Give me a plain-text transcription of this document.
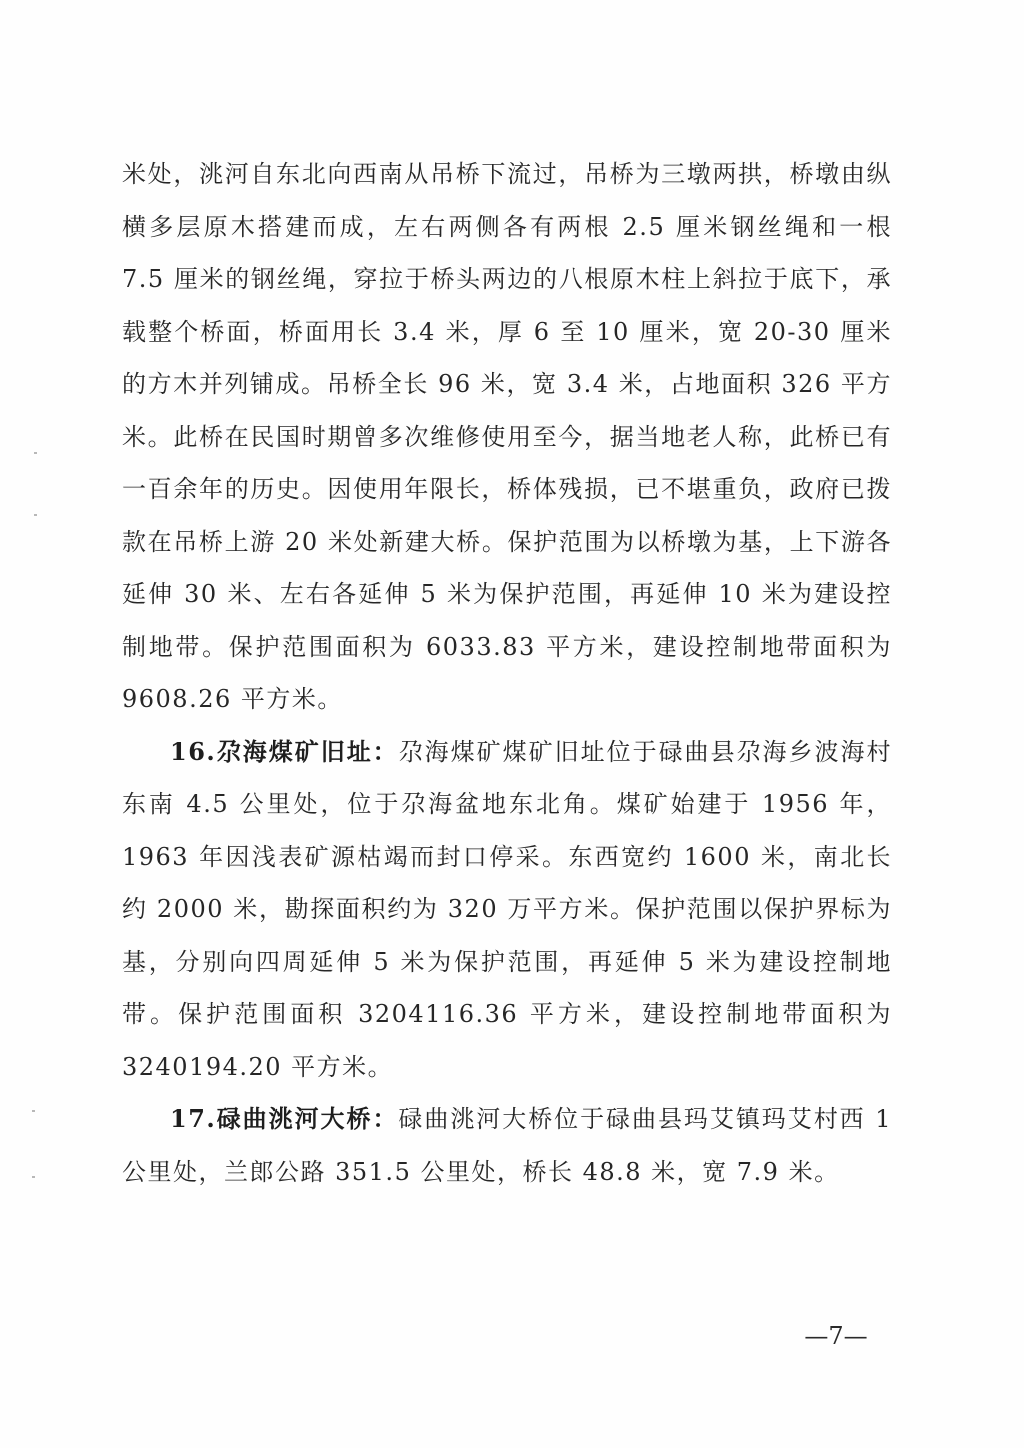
米处，洮河自东北向西南从吊桥下流过，吊桥为三墩两拱，桥墩由纵横多层原木搭建而成，左右两侧各有两根 2.5 厘米钢丝绳和一根 7.5 厘米的钢丝绳，穿拉于桥头两边的八根原木柱上斜拉于底下，承载整个桥面，桥面用长 3.4 米，厚 6 至 10 厘米，宽 20-30 厘米的方木并列铺成。吊桥全长 96 米，宽 3.4 米，占地面积 326 平方米。此桥在民国时期曾多次维修使用至今，据当地老人称，此桥已有一百余年的历史。因使用年限长，桥体残损，已不堪重负，政府已拨款在吊桥上游 20 米处新建大桥。保护范围为以桥墩为基，上下游各延伸 30 米、左右各延伸 5 米为保护范围，再延伸 10 米为建设控制地带。保护范围面积为 6033.83 平方米，建设控制地带面积为 9608.26 平方米。

16.尕海煤矿旧址：尕海煤矿煤矿旧址位于碌曲县尕海乡波海村东南 4.5 公里处，位于尕海盆地东北角。煤矿始建于 1956 年，1963 年因浅表矿源枯竭而封口停采。东西宽约 1600 米，南北长约 2000 米，勘探面积约为 320 万平方米。保护范围以保护界标为基，分别向四周延伸 5 米为保护范围，再延伸 5 米为建设控制地带。保护范围面积 3204116.36 平方米，建设控制地带面积为 3240194.20 平方米。

17.碌曲洮河大桥：碌曲洮河大桥位于碌曲县玛艾镇玛艾村西 1 公里处，兰郎公路 351.5 公里处，桥长 48.8 米，宽 7.9 米。

—7—
